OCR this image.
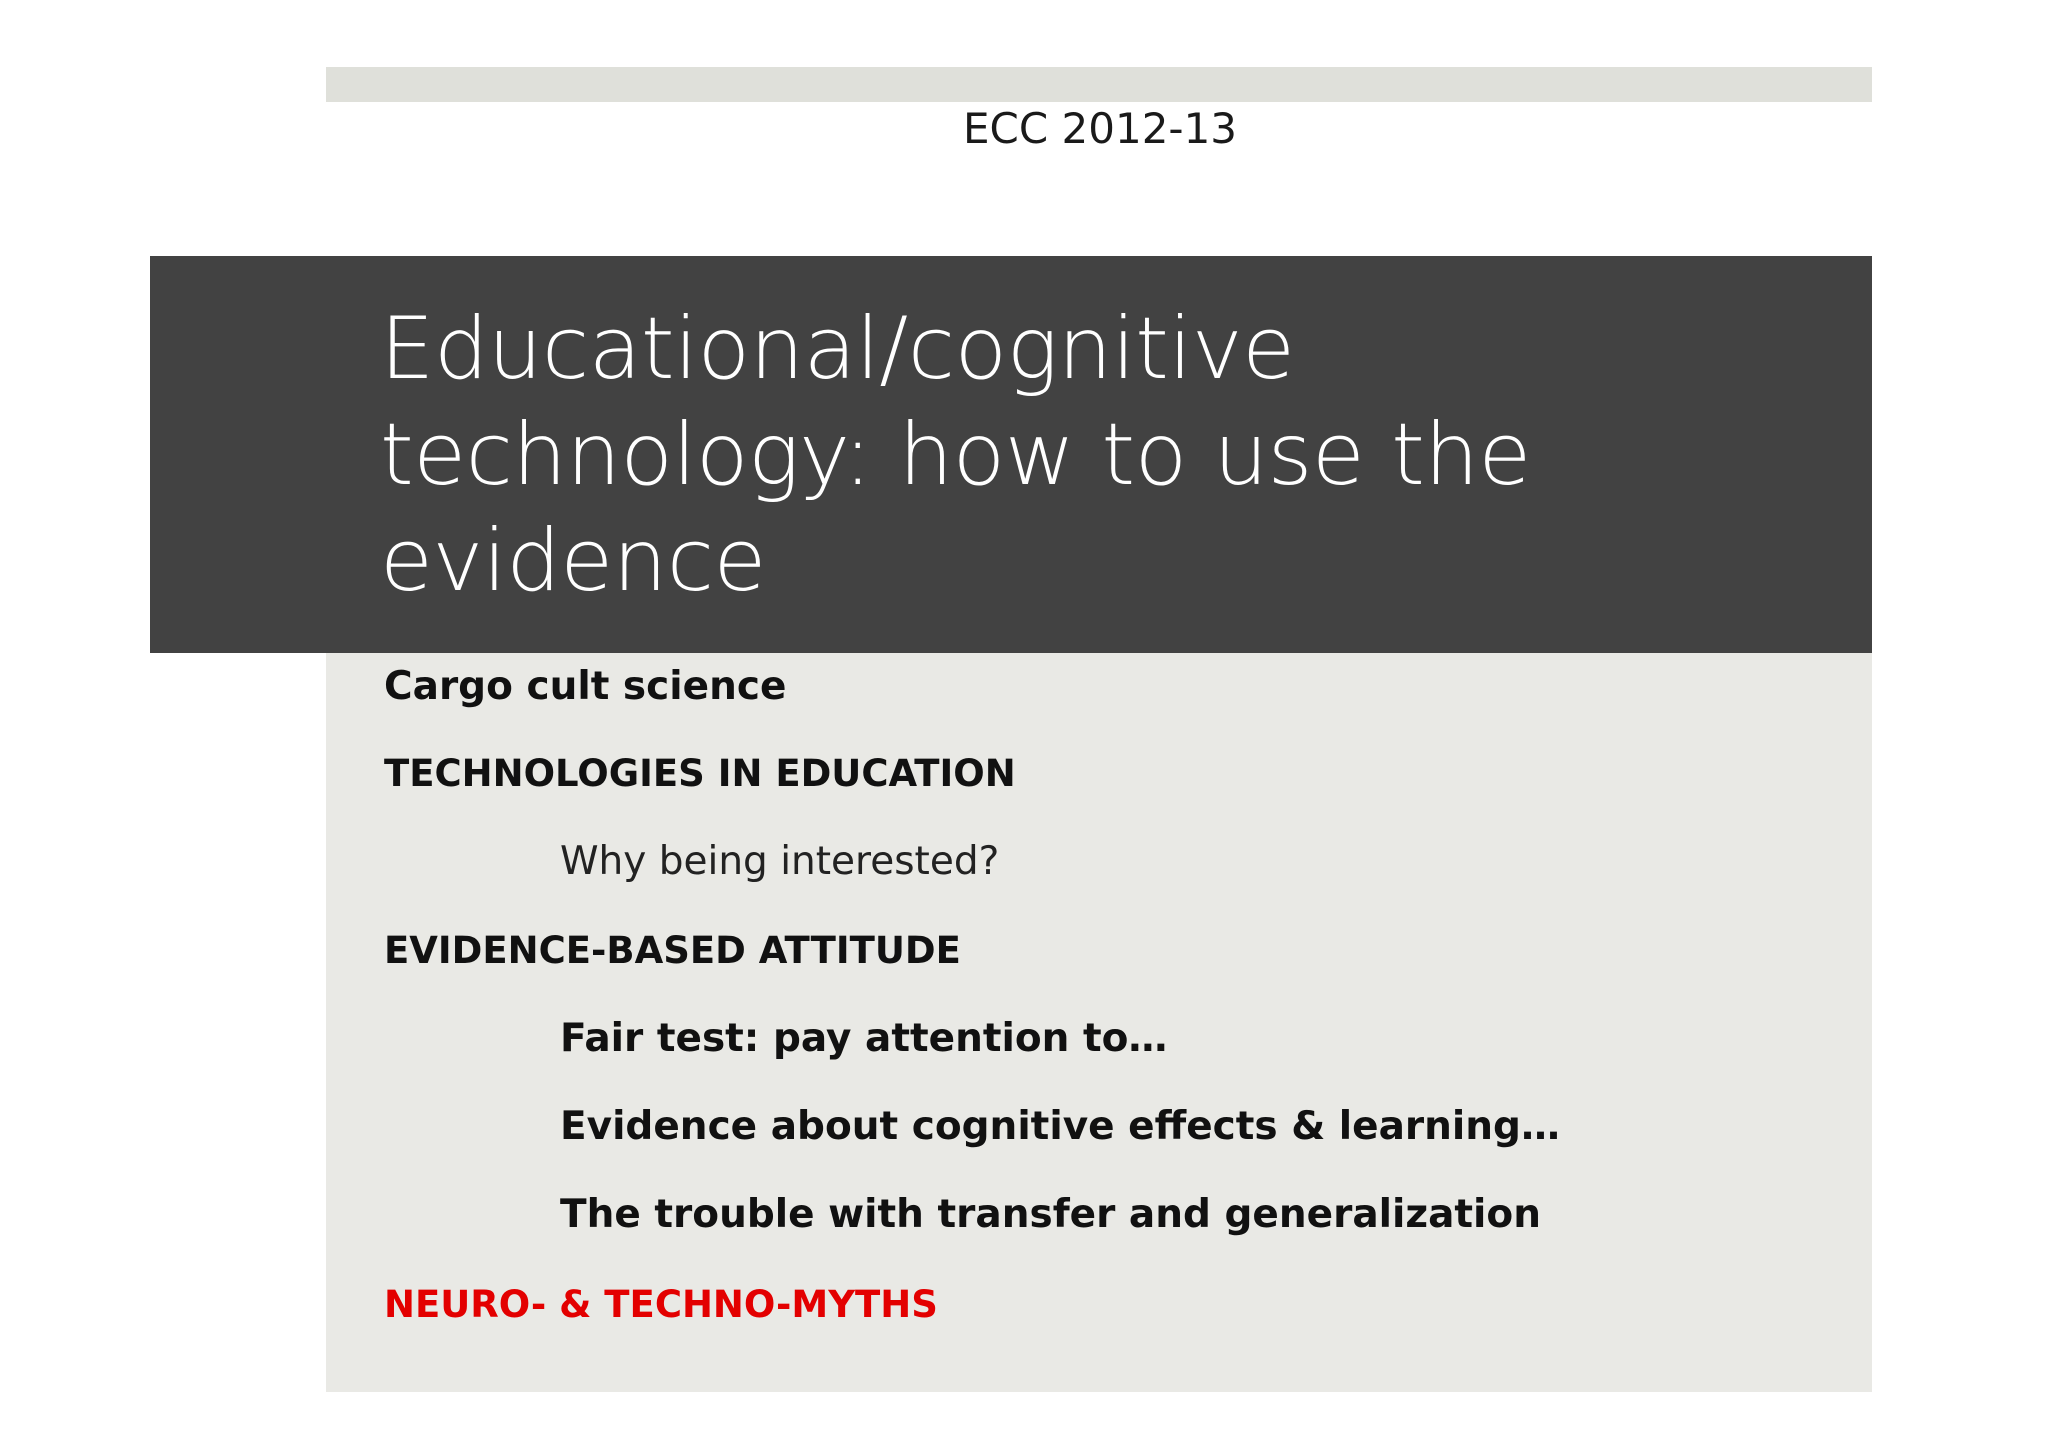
ECC 2012-13
Educational/cognitive technology: how to use the evidence

Cargo cult science

TECHNOLOGIES IN EDUCATION

Why being interested?

EVIDENCE-BASED ATTITUDE

Fair test: pay attention to…

Evidence about cognitive effects & learning…

The trouble with transfer and generalization

NEURO- & TECHNO-MYTHS
